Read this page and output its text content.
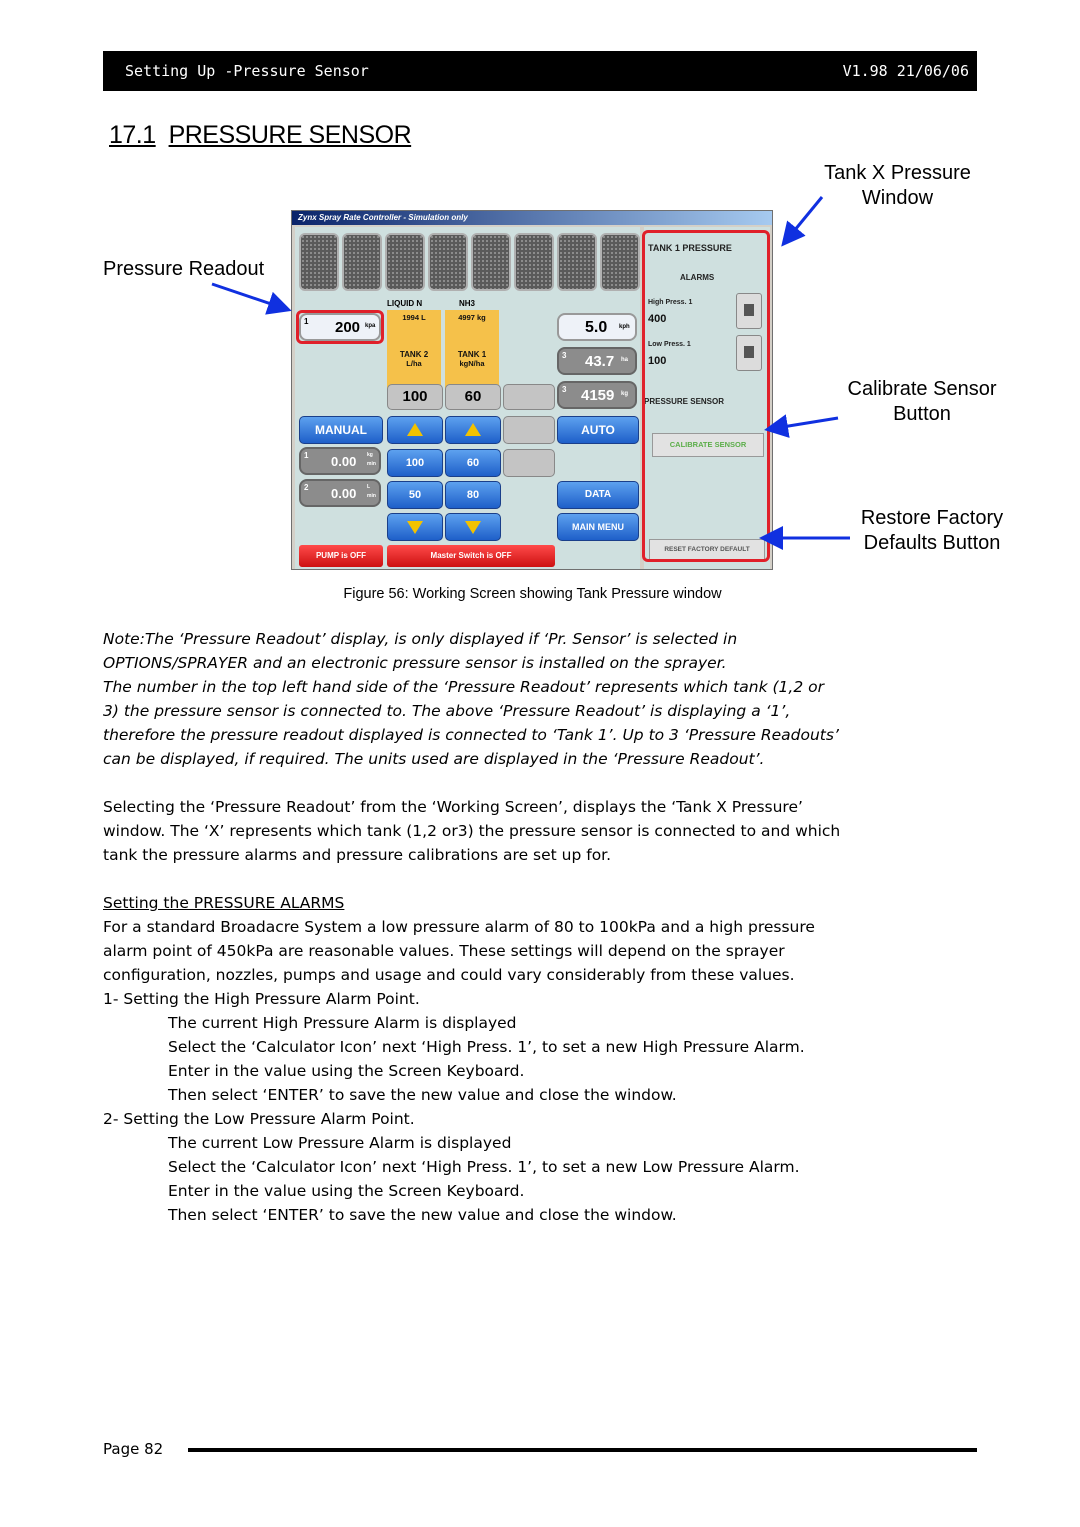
Setting Up -Pressure Sensor	V1.98 21/06/06
17.1 PRESSURE SENSOR
Tank X Pressure
Window
Pressure Readout
Calibrate Sensor
Button
Restore Factory
Defaults Button
Zynx Spray Rate Controller - Simulation only
1 200 kpa
LIQUID N	NH3
1994 L
TANK 2
L/ha
4997 kg
TANK 1
kgN/ha
100	60
5.0 kph
3 43.7 ha
3 4159 kg
MANUAL	AUTO
1 0.00 kg
min	100	60
2 0.00 L
min	50	80	DATA
MAIN MENU
PUMP is OFF	Master Switch is OFF
TANK 1 PRESSURE
ALARMS
High Press. 1
400
Low Press. 1
100
PRESSURE SENSOR
CALIBRATE SENSOR
RESET FACTORY DEFAULT
Figure 56: Working Screen showing Tank Pressure window
Note:The ‘Pressure Readout’ display, is only displayed if ‘Pr. Sensor’ is selected in
OPTIONS/SPRAYER and an electronic pressure sensor is installed on the sprayer.
The number in the top left hand side of the ‘Pressure Readout’ represents which tank (1,2 or
3) the pressure sensor is connected to. The above ‘Pressure Readout’ is displaying a ‘1’,
therefore the pressure readout displayed is connected to ‘Tank 1’. Up to 3 ‘Pressure Readouts’
can be displayed, if required. The units used are displayed in the ‘Pressure Readout’.
Selecting the ‘Pressure Readout’ from the ‘Working Screen’, displays the ‘Tank X Pressure’
window. The ‘X’ represents which tank (1,2 or3) the pressure sensor is connected to and which
tank the pressure alarms and pressure calibrations are set up for.
Setting the PRESSURE ALARMS
For a standard Broadacre System a low pressure alarm of 80 to 100kPa and a high pressure
alarm point of 450kPa are reasonable values. These settings will depend on the sprayer
configuration, nozzles, pumps and usage and could vary considerably from these values.
1- Setting the High Pressure Alarm Point.
The current High Pressure Alarm is displayed
Select the ‘Calculator Icon’ next ‘High Press. 1’, to set a new High Pressure Alarm.
Enter in the value using the Screen Keyboard.
Then select ‘ENTER’ to save the new value and close the window.
2- Setting the Low Pressure Alarm Point.
The current Low Pressure Alarm is displayed
Select the ‘Calculator Icon’ next ‘High Press. 1’, to set a new Low Pressure Alarm.
Enter in the value using the Screen Keyboard.
Then select ‘ENTER’ to save the new value and close the window.
Page 82
